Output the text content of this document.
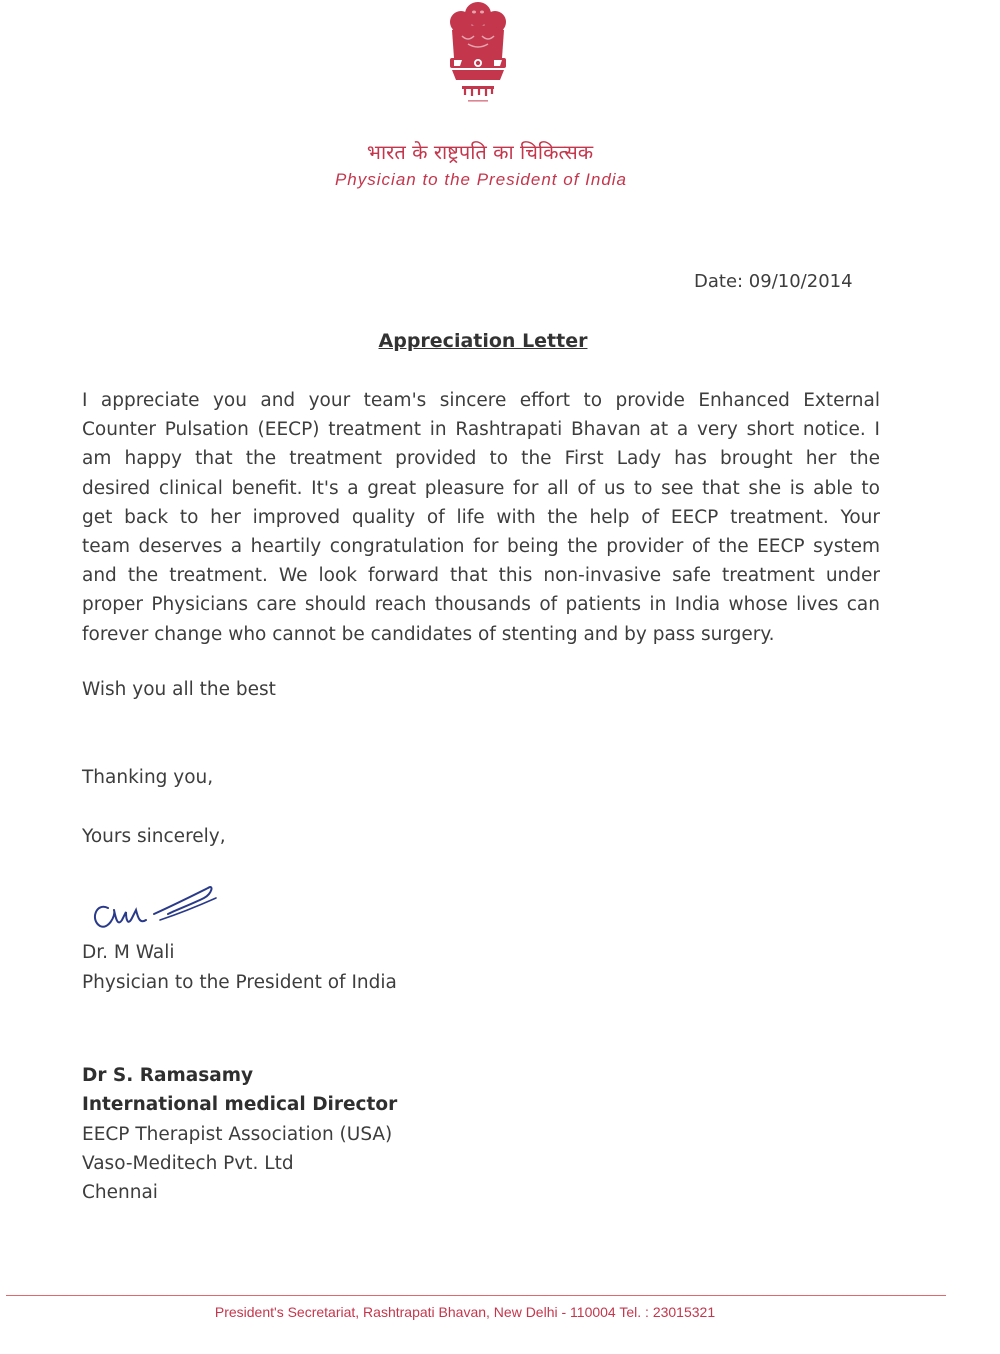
भारत के राष्ट्रपति का चिकित्सक
Physician to the President of India
Date: 09/10/2014
Appreciation Letter
I appreciate you and your team's sincere effort to provide Enhanced External
Counter Pulsation (EECP) treatment in Rashtrapati Bhavan at a very short notice. I
am happy that the treatment provided to the First Lady has brought her the
desired clinical benefit. It's a great pleasure for all of us to see that she is able to
get back to her improved quality of life with the help of EECP treatment. Your
team deserves a heartily congratulation for being the provider of the EECP system
and the treatment. We look forward that this non-invasive safe treatment under
proper Physicians care should reach thousands of patients in India whose lives can
forever change who cannot be candidates of stenting and by pass surgery.
Wish you all the best
Thanking you,
Yours sincerely,
Dr. M Wali
Physician to the President of India
Dr S. Ramasamy
International medical Director
EECP Therapist Association (USA)
Vaso-Meditech Pvt. Ltd
Chennai
President's Secretariat, Rashtrapati Bhavan, New Delhi - 110004 Tel. : 23015321
